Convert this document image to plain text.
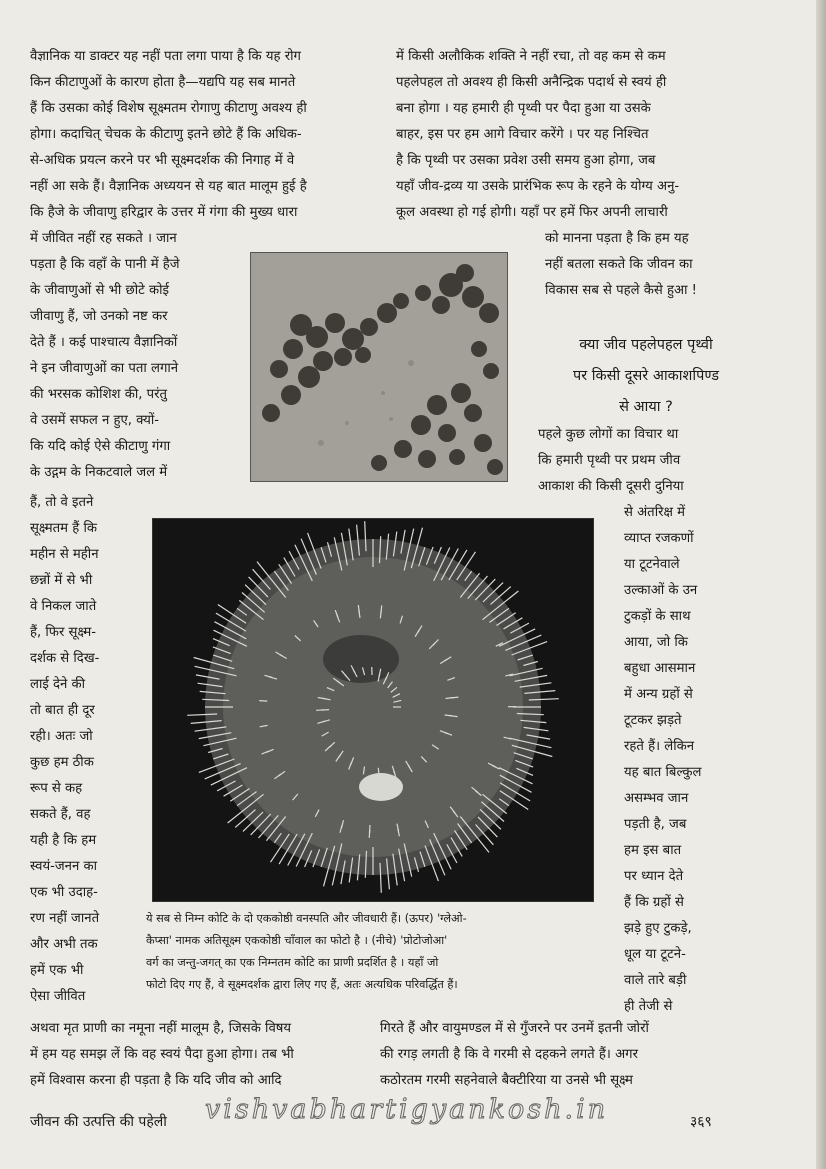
वैज्ञानिक या डाक्टर यह नहीं पता लगा पाया है कि यह रोग
किन कीटाणुओं के कारण होता है—यद्यपि यह सब मानते
हैं कि उसका कोई विशेष सूक्ष्मतम रोगाणु कीटाणु अवश्य ही
होगा। कदाचित् चेचक के कीटाणु इतने छोटे हैं कि अधिक-
से-अधिक प्रयत्न करने पर भी सूक्ष्मदर्शक की निगाह में वे
नहीं आ सके हैं। वैज्ञानिक अध्ययन से यह बात मालूम हुई है
कि हैजे के जीवाणु हरिद्वार के उत्तर में गंगा की मुख्य धारा
में जीवित नहीं रह सकते । जान
पड़ता है कि वहाँ के पानी में हैजे
के जीवाणुओं से भी छोटे कोई
जीवाणु हैं, जो उनको नष्ट कर
देते हैं । कई पाश्चात्य वैज्ञानिकों
ने इन जीवाणुओं का पता लगाने
की भरसक कोशिश की, परंतु
वे उसमें सफल न हुए, क्यों-
कि यदि कोई ऐसे कीटाणु गंगा
के उद्गम के निकटवाले जल में
हैं, तो वे इतने
सूक्ष्मतम हैं कि
महीन से महीन
छन्नों में से भी
वे निकल जाते
हैं, फिर सूक्ष्म-
दर्शक से दिख-
लाई देने की
तो बात ही दूर
रही। अतः जो
कुछ हम ठीक
रूप से कह
सकते हैं, वह
यही है कि हम
स्वयं-जनन का
एक भी उदाह-
रण नहीं जानते
और अभी तक
हमें एक भी
ऐसा जीवित
में किसी अलौकिक शक्ति ने नहीं रचा, तो वह कम से कम
पहलेपहल तो अवश्य ही किसी अनैन्द्रिक पदार्थ से स्वयं ही
बना होगा । यह हमारी ही पृथ्वी पर पैदा हुआ या उसके
बाहर, इस पर हम आगे विचार करेंगे । पर यह निश्चित
है कि पृथ्वी पर उसका प्रवेश उसी समय हुआ होगा, जब
यहाँ जीव-द्रव्य या उसके प्रारंभिक रूप के रहने के योग्य अनु-
कूल अवस्था हो गई होगी। यहाँ पर हमें फिर अपनी लाचारी
को मानना पड़ता है कि हम यह
नहीं बतला सकते कि जीवन का
विकास सब से पहले कैसे हुआ !
क्या जीव पहलेपहल पृथ्वी
पर किसी दूसरे आकाशपिण्ड
से आया ?
पहले कुछ लोगों का विचार था
कि हमारी पृथ्वी पर प्रथम जीव
आकाश की किसी दूसरी दुनिया
से अंतरिक्ष में
व्याप्त रजकणों
या टूटनेवाले
उल्काओं के उन
टुकड़ों के साथ
आया, जो कि
बहुधा आसमान
में अन्य ग्रहों से
टूटकर झड़ते
रहते हैं। लेकिन
यह बात बिल्कुल
असम्भव जान
पड़ती है, जब
हम इस बात
पर ध्यान देते
हैं कि ग्रहों से
झड़े हुए टुकड़े,
धूल या टूटने-
वाले तारे बड़ी
ही तेजी से
अथवा मृत प्राणी का नमूना नहीं मालूम है, जिसके विषय
में हम यह समझ लें कि वह स्वयं पैदा हुआ होगा। तब भी
हमें विश्वास करना ही पड़ता है कि यदि जीव को आदि
गिरते हैं और वायुमण्डल में से गुँजरने पर उनमें इतनी जोरों
की रगड़ लगती है कि वे गरमी से दहकने लगते हैं। अगर
कठोरतम गरमी सहनेवाले बैक्टीरिया या उनसे भी सूक्ष्म
ये सब से निम्न कोटि के दो एककोष्ठी वनस्पति और जीवधारी हैं। (ऊपर) 'ग्लेओ-
कैप्सा' नामक अतिसूक्ष्म एककोष्ठी चाँवाल का फोटो है । (नीचे) 'प्रोटोजोआ'
वर्ग का जन्तु-जगत् का एक निम्नतम कोटि का प्राणी प्रदर्शित है । यहाँ जो
फोटो दिए गए हैं, वे सूक्ष्मदर्शक द्वारा लिए गए हैं, अतः अत्यधिक परिवर्द्धित हैं।
vishvabhartigyankosh.in
जीवन की उत्पत्ति की पहेली	३६९
